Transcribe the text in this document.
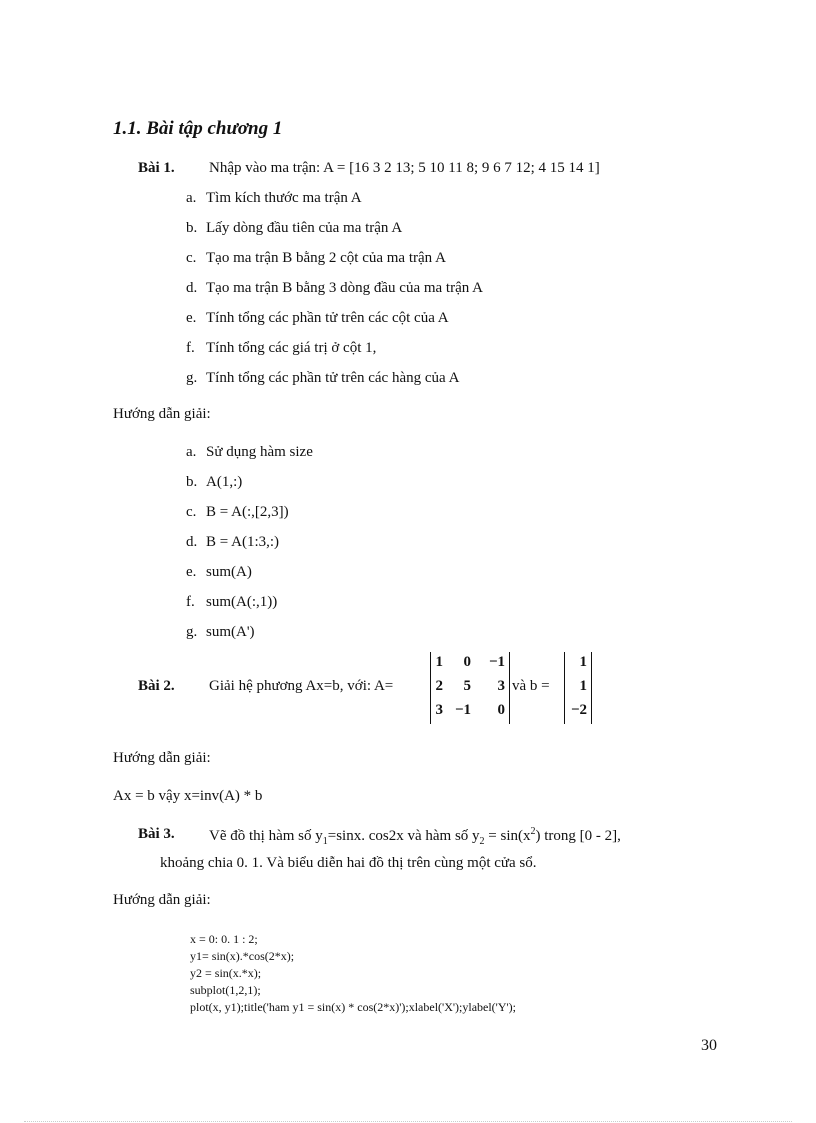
1.1. Bài tập chương 1
Bài 1. Nhập vào ma trận: A = [16 3 2 13; 5 10 11 8; 9 6 7 12; 4 15 14 1]
a. Tìm kích thước ma trận A
b. Lấy dòng đầu tiên của ma trận A
c. Tạo ma trận B bằng 2 cột của ma trận A
d. Tạo ma trận B bằng 3 dòng đầu của ma trận A
e. Tính tổng các phần tử trên các cột của A
f. Tính tổng các giá trị ở cột 1,
g. Tính tổng các phần tử trên các hàng của A
Hướng dẫn giải:
a. Sử dụng hàm size
b. A(1,:)
c. B = A(:,[2,3])
d. B = A(1:3,:)
e. sum(A)
f. sum(A(:,1))
g. sum(A')
Bài 2. Giải hệ phương Ax=b, với: A=
1	0	−1
2	5	3
3 −1	0
và b =
1
1
−2
Hướng dẫn giải:
Ax = b vậy x=inv(A) * b
Bài 3. Vẽ đồ thị hàm số $y_1=\sin x$. cos2x và hàm số $y_2 = \sin(x^2)$ trong [0 - 2],
khoảng chia 0. 1. Và biểu diễn hai đồ thị trên cùng một cửa sổ.
Hướng dẫn giải:
x = 0: 0. 1 : 2;
y1= sin(x).*cos(2*x);
y2 = sin(x.*x);
subplot(1,2,1);
plot(x, y1);title('ham y1 = sin(x) * cos(2*x)');xlabel('X');ylabel('Y');
30
